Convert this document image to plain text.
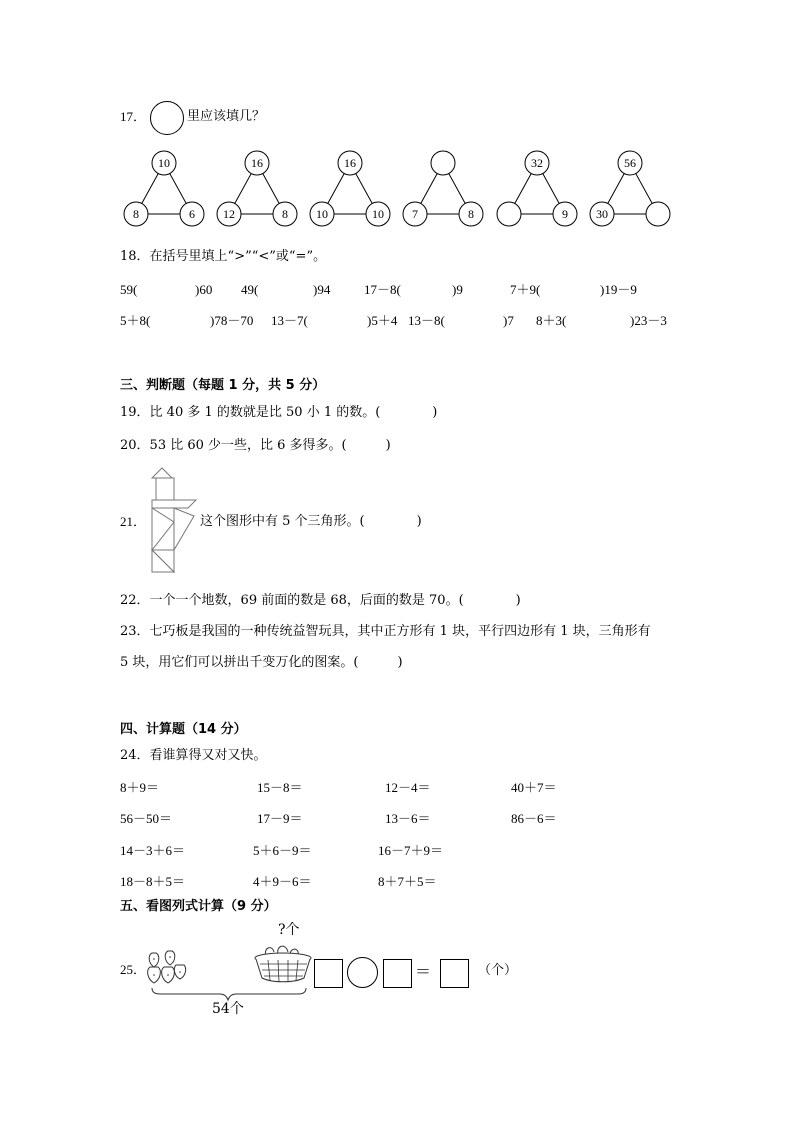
17．	里应该填几？
10
8	6
16
12	8
16
10	10 7	8
32
9
56
30
18．在括号里填上“>”“<”或“=”。
59(	)60 49(	)94	17－8(	)9	7＋9(	)19－9
5＋8(	)78－70 13－7(	)5＋4 13－8(	)7 8＋3(	)23－3
三、判断题（每题 1 分，共 5 分）
19．比 40 多 1 的数就是比 50 小 1 的数。(　　　　)
20．53 比 60 少一些，比 6 多得多。(　　　)
21．	这个图形中有 5 个三角形。(　　　　)
22．一个一个地数，69 前面的数是 68，后面的数是 70。(　　　　)
23．七巧板是我国的一种传统益智玩具，其中正方形有 1 块，平行四边形有 1 块，三角形有
5 块，用它们可以拼出千变万化的图案。(　　　)
四、计算题（14 分）
24．看谁算得又对又快。
8＋9＝	15－8＝	12－4＝	40＋7＝
56－50＝	17－9＝	13－6＝	86－6＝
14－3＋6＝	5＋6－9＝	16－7＋9＝
18－8＋5＝	4＋9－6＝	8＋7＋5＝
五、看图列式计算（9 分）
?个
25．	＝	（个）
54个
